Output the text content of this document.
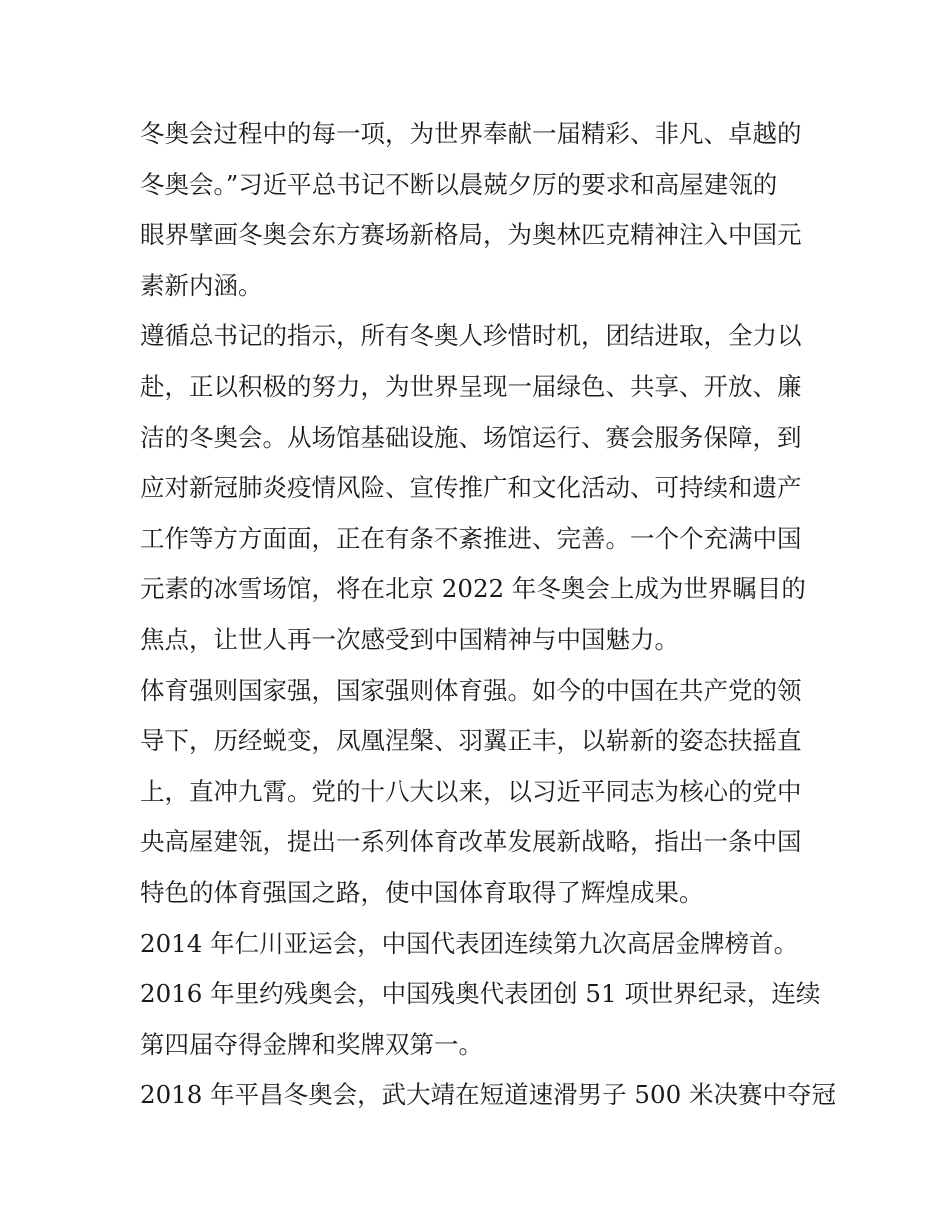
冬奥会过程中的每一项，为世界奉献一届精彩、非凡、卓越的
冬奥会。”习近平总书记不断以晨兢夕厉的要求和高屋建瓴的
眼界擘画冬奥会东方赛场新格局，为奥林匹克精神注入中国元
素新内涵。
遵循总书记的指示，所有冬奥人珍惜时机，团结进取，全力以
赴，正以积极的努力，为世界呈现一届绿色、共享、开放、廉
洁的冬奥会。从场馆基础设施、场馆运行、赛会服务保障，到
应对新冠肺炎疫情风险、宣传推广和文化活动、可持续和遗产
工作等方方面面，正在有条不紊推进、完善。一个个充满中国
元素的冰雪场馆，将在北京 2022 年冬奥会上成为世界瞩目的
焦点，让世人再一次感受到中国精神与中国魅力。
体育强则国家强，国家强则体育强。如今的中国在共产党的领
导下，历经蜕变，凤凰涅槃、羽翼正丰，以崭新的姿态扶摇直
上，直冲九霄。党的十八大以来，以习近平同志为核心的党中
央高屋建瓴，提出一系列体育改革发展新战略，指出一条中国
特色的体育强国之路，使中国体育取得了辉煌成果。
2014 年仁川亚运会，中国代表团连续第九次高居金牌榜首。
2016 年里约残奥会，中国残奥代表团创 51 项世界纪录，连续
第四届夺得金牌和奖牌双第一。
2018 年平昌冬奥会，武大靖在短道速滑男子 500 米决赛中夺冠
